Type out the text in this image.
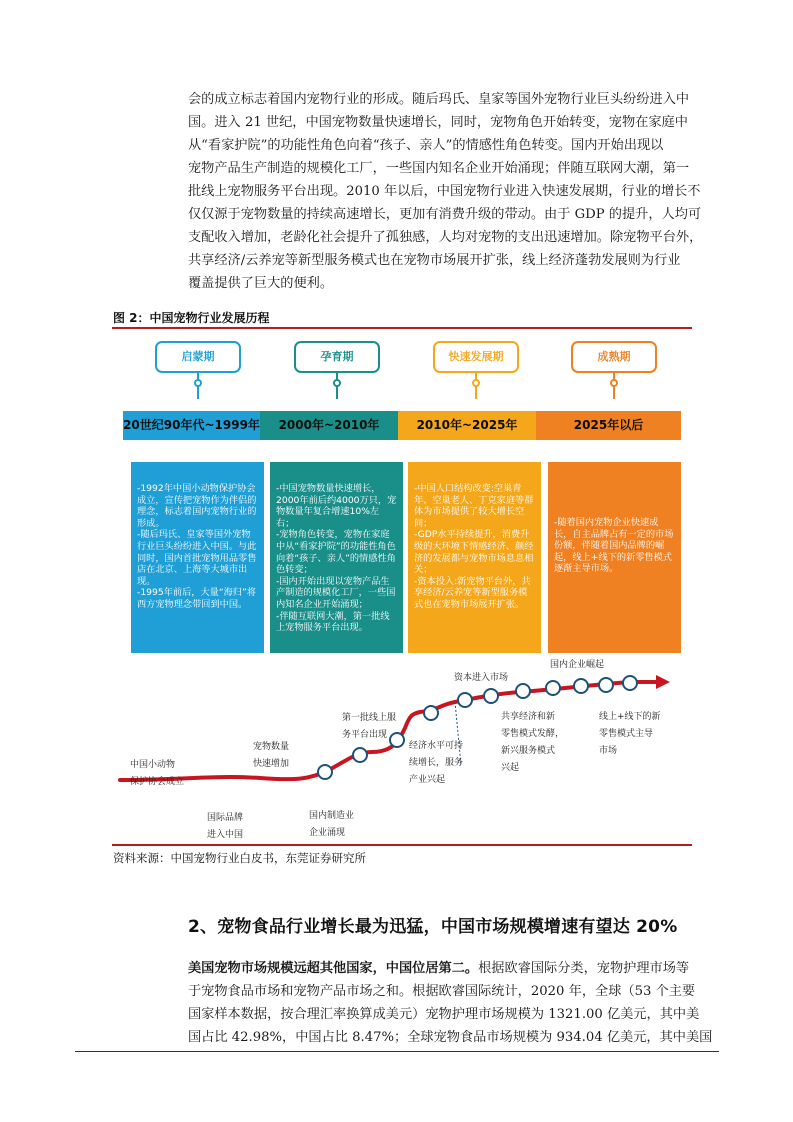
会的成立标志着国内宠物行业的形成。随后玛氏、皇家等国外宠物行业巨头纷纷进入中

国。进入 21 世纪，中国宠物数量快速增长，同时，宠物角色开始转变，宠物在家庭中

从“看家护院”的功能性角色向着“孩子、亲人”的情感性角色转变。国内开始出现以

宠物产品生产制造的规模化工厂，一些国内知名企业开始涌现；伴随互联网大潮，第一

批线上宠物服务平台出现。2010 年以后，中国宠物行业进入快速发展期，行业的增长不

仅仅源于宠物数量的持续高速增长，更加有消费升级的带动。由于 GDP 的提升，人均可

支配收入增加，老龄化社会提升了孤独感，人均对宠物的支出迅速增加。除宠物平台外，

共享经济/云养宠等新型服务模式也在宠物市场展开扩张，线上经济蓬勃发展则为行业

覆盖提供了巨大的便利。

图 2：中国宠物行业发展历程
启蒙期	孕育期	快速发展期	成熟期
20世纪90年代~1999年	2000年~2010年	2010年~2025年	2025年以后

-1992年中国小动物保护协会成立，宣传把宠物作为伴侣的理念，标志着国内宠物行业的形成。

-随后玛氏、皇家等国外宠物行业巨头纷纷进入中国。与此同时，国内首批宠物用品零售店在北京、上海等大城市出现。

-1995年前后，大量“海归”将西方宠物理念带回到中国。

-中国宠物数量快速增长，2000年前后约4000万只，宠物数量年复合增速10%左右；

-宠物角色转变，宠物在家庭中从“看家护院”的功能性角色向着“孩子、亲人”的情感性角色转变；

-国内开始出现以宠物产品生产制造的规模化工厂，一些国内知名企业开始涌现；

-伴随互联网大潮，第一批线上宠物服务平台出现。

-中国人口结构改变:空巢青年、空巢老人、丁克家庭等群体为市场提供了较大增长空间；

-GDP水平持续提升，消费升级的大环境下情感经济、颜经济的发展都与宠物市场息息相关；

-资本投入:新宠物平台外，共享经济/云养宠等新型服务模式也在宠物市场展开扩张。

-随着国内宠物企业快速成长，自主品牌占有一定的市场份额，伴随着国内品牌的崛起，线上+线下的新零售模式逐渐主导市场。

中国小动物
保护协会成立
国际品牌
进入中国
宠物数量
快速增加
国内制造业
企业涌现
第一批线上服
务平台出现
经济水平可持
续增长，服务
产业兴起
资本进入市场
共享经济和新
零售模式发酵，
新兴服务模式
兴起
国内企业崛起
线上+线下的新
零售模式主导
市场
资料来源：中国宠物行业白皮书，东莞证券研究所
2、宠物食品行业增长最为迅猛，中国市场规模增速有望达 20%

美国宠物市场规模远超其他国家，中国位居第二。根据欧睿国际分类，宠物护理市场等

于宠物食品市场和宠物产品市场之和。根据欧睿国际统计，2020 年，全球（53 个主要

国家样本数据，按合理汇率换算成美元）宠物护理市场规模为 1321.00 亿美元，其中美

国占比 42.98%，中国占比 8.47%；全球宠物食品市场规模为 934.04 亿美元，其中美国
